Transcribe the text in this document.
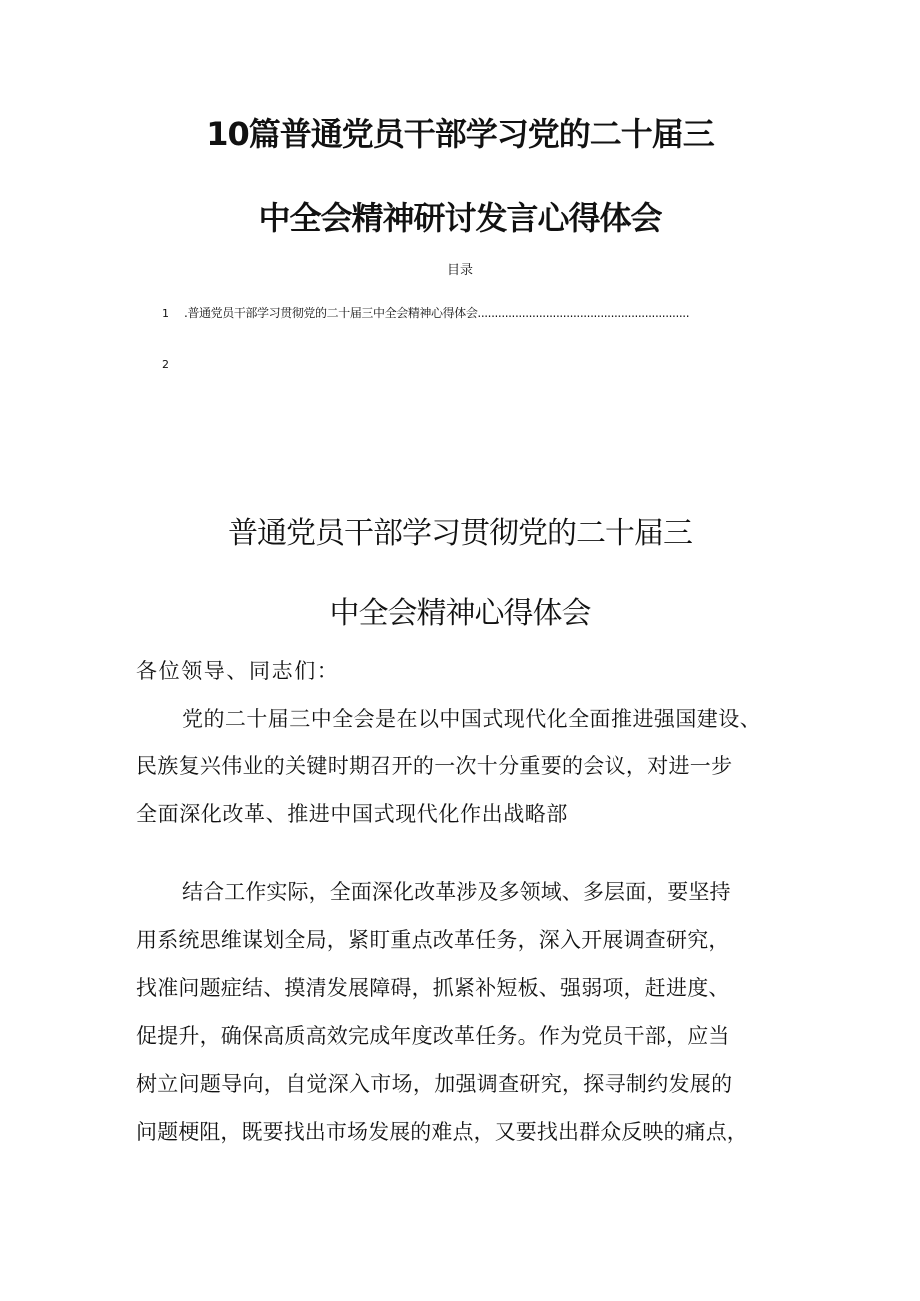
10篇普通党员干部学习党的二十届三
中全会精神研讨发言心得体会
目录
1 .普通党员干部学习贯彻党的二十届三中全会精神心得体会..............................................................
2
普通党员干部学习贯彻党的二十届三
中全会精神心得体会
各位领导、同志们：
党的二十届三中全会是在以中国式现代化全面推进强国建设、
民族复兴伟业的关键时期召开的一次十分重要的会议，对进一步
全面深化改革、推进中国式现代化作出战略部
结合工作实际，全面深化改革涉及多领域、多层面，要坚持
用系统思维谋划全局，紧盯重点改革任务，深入开展调查研究，
找准问题症结、摸清发展障碍，抓紧补短板、强弱项，赶进度、
促提升，确保高质高效完成年度改革任务。作为党员干部，应当
树立问题导向，自觉深入市场，加强调查研究，探寻制约发展的
问题梗阻，既要找出市场发展的难点，又要找出群众反映的痛点，
